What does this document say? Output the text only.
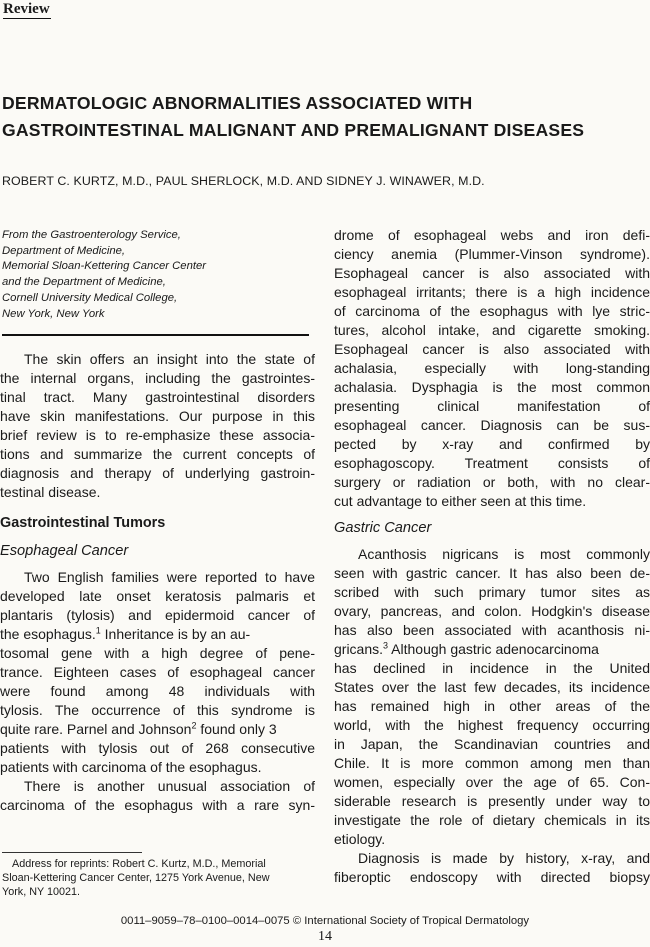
Review
DERMATOLOGIC ABNORMALITIES ASSOCIATED WITH
GASTROINTESTINAL MALIGNANT AND PREMALIGNANT DISEASES
ROBERT C. KURTZ, M.D., PAUL SHERLOCK, M.D. AND SIDNEY J. WINAWER, M.D.
From the Gastroenterology Service,
Department of Medicine,
Memorial Sloan-Kettering Cancer Center
and the Department of Medicine,
Cornell University Medical College,
New York, New York
The skin offers an insight into the state of
the internal organs, including the gastrointes-
tinal tract. Many gastrointestinal disorders
have skin manifestations. Our purpose in this
brief review is to re-emphasize these associa-
tions and summarize the current concepts of
diagnosis and therapy of underlying gastroin-
testinal disease.
Gastrointestinal Tumors
Esophageal Cancer
Two English families were reported to have
developed late onset keratosis palmaris et
plantaris (tylosis) and epidermoid cancer of
the esophagus.$^1$ Inheritance is by an au-
tosomal gene with a high degree of pene-
trance. Eighteen cases of esophageal cancer
were found among 48 individuals with
tylosis. The occurrence of this syndrome is
quite rare. Parnel and Johnson$^2$ found only 3
patients with tylosis out of 268 consecutive
patients with carcinoma of the esophagus.
There is another unusual association of
carcinoma of the esophagus with a rare syn-
drome of esophageal webs and iron defi-
ciency anemia (Plummer-Vinson syndrome).
Esophageal cancer is also associated with
esophageal irritants; there is a high incidence
of carcinoma of the esophagus with lye stric-
tures, alcohol intake, and cigarette smoking.
Esophageal cancer is also associated with
achalasia, especially with long-standing
achalasia. Dysphagia is the most common
presenting clinical manifestation of
esophageal cancer. Diagnosis can be sus-
pected by x-ray and confirmed by
esophagoscopy. Treatment consists of
surgery or radiation or both, with no clear-
cut advantage to either seen at this time.
Gastric Cancer
Acanthosis nigricans is most commonly
seen with gastric cancer. It has also been de-
scribed with such primary tumor sites as
ovary, pancreas, and colon. Hodgkin's disease
has also been associated with acanthosis ni-
gricans.$^3$ Although gastric adenocarcinoma
has declined in incidence in the United
States over the last few decades, its incidence
has remained high in other areas of the
world, with the highest frequency occurring
in Japan, the Scandinavian countries and
Chile. It is more common among men than
women, especially over the age of 65. Con-
siderable research is presently under way to
investigate the role of dietary chemicals in its
etiology.
Diagnosis is made by history, x-ray, and
fiberoptic endoscopy with directed biopsy
Address for reprints: Robert C. Kurtz, M.D., Memorial
Sloan-Kettering Cancer Center, 1275 York Avenue, New
York, NY 10021.
0011–9059–78–0100–0014–0075 © International Society of Tropical Dermatology
14
